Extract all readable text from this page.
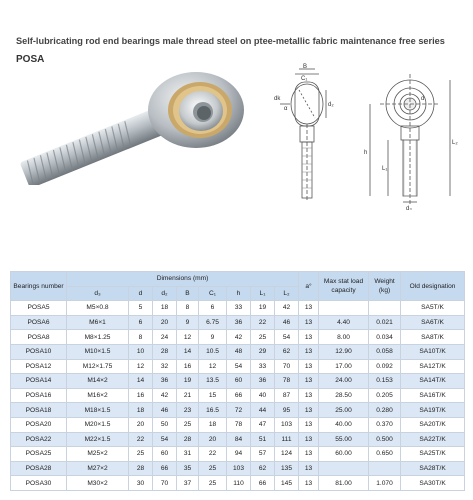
Self-lubricating rod end bearings male thread steel on ptee-metallic fabric maintenance free series
POSA
B
C₁
dk
α
d₂
h
L₁
L₂
d₃
d
Bearings number	Dimensions (mm)								a°	Max stat load capacity	Weight (kg)	Old designation
	d₃	d	d₂	B	C₁	h	L₁	L₂				
POSA5	M5×0.8	5	18	8	6	33	19	42	13			SA5T/K
POSA6	M6×1	6	20	9	6.75	36	22	46	13	4.40	0.021	SA6T/K
POSA8	M8×1.25	8	24	12	9	42	25	54	13	8.00	0.034	SA8T/K
POSA10	M10×1.5	10	28	14	10.5	48	29	62	13	12.90	0.058	SA10T/K
POSA12	M12×1.75	12	32	16	12	54	33	70	13	17.00	0.092	SA12T/K
POSA14	M14×2	14	36	19	13.5	60	36	78	13	24.00	0.153	SA14T/K
POSA16	M16×2	16	42	21	15	66	40	87	13	28.50	0.205	SA16T/K
POSA18	M18×1.5	18	46	23	16.5	72	44	95	13	25.00	0.280	SA19T/K
POSA20	M20×1.5	20	50	25	18	78	47	103	13	40.00	0.370	SA20T/K
POSA22	M22×1.5	22	54	28	20	84	51	111	13	55.00	0.500	SA22T/K
POSA25	M25×2	25	60	31	22	94	57	124	13	60.00	0.650	SA25T/K
POSA28	M27×2	28	66	35	25	103	62	135	13			SA28T/K
POSA30	M30×2	30	70	37	25	110	66	145	13	81.00	1.070	SA30T/K
